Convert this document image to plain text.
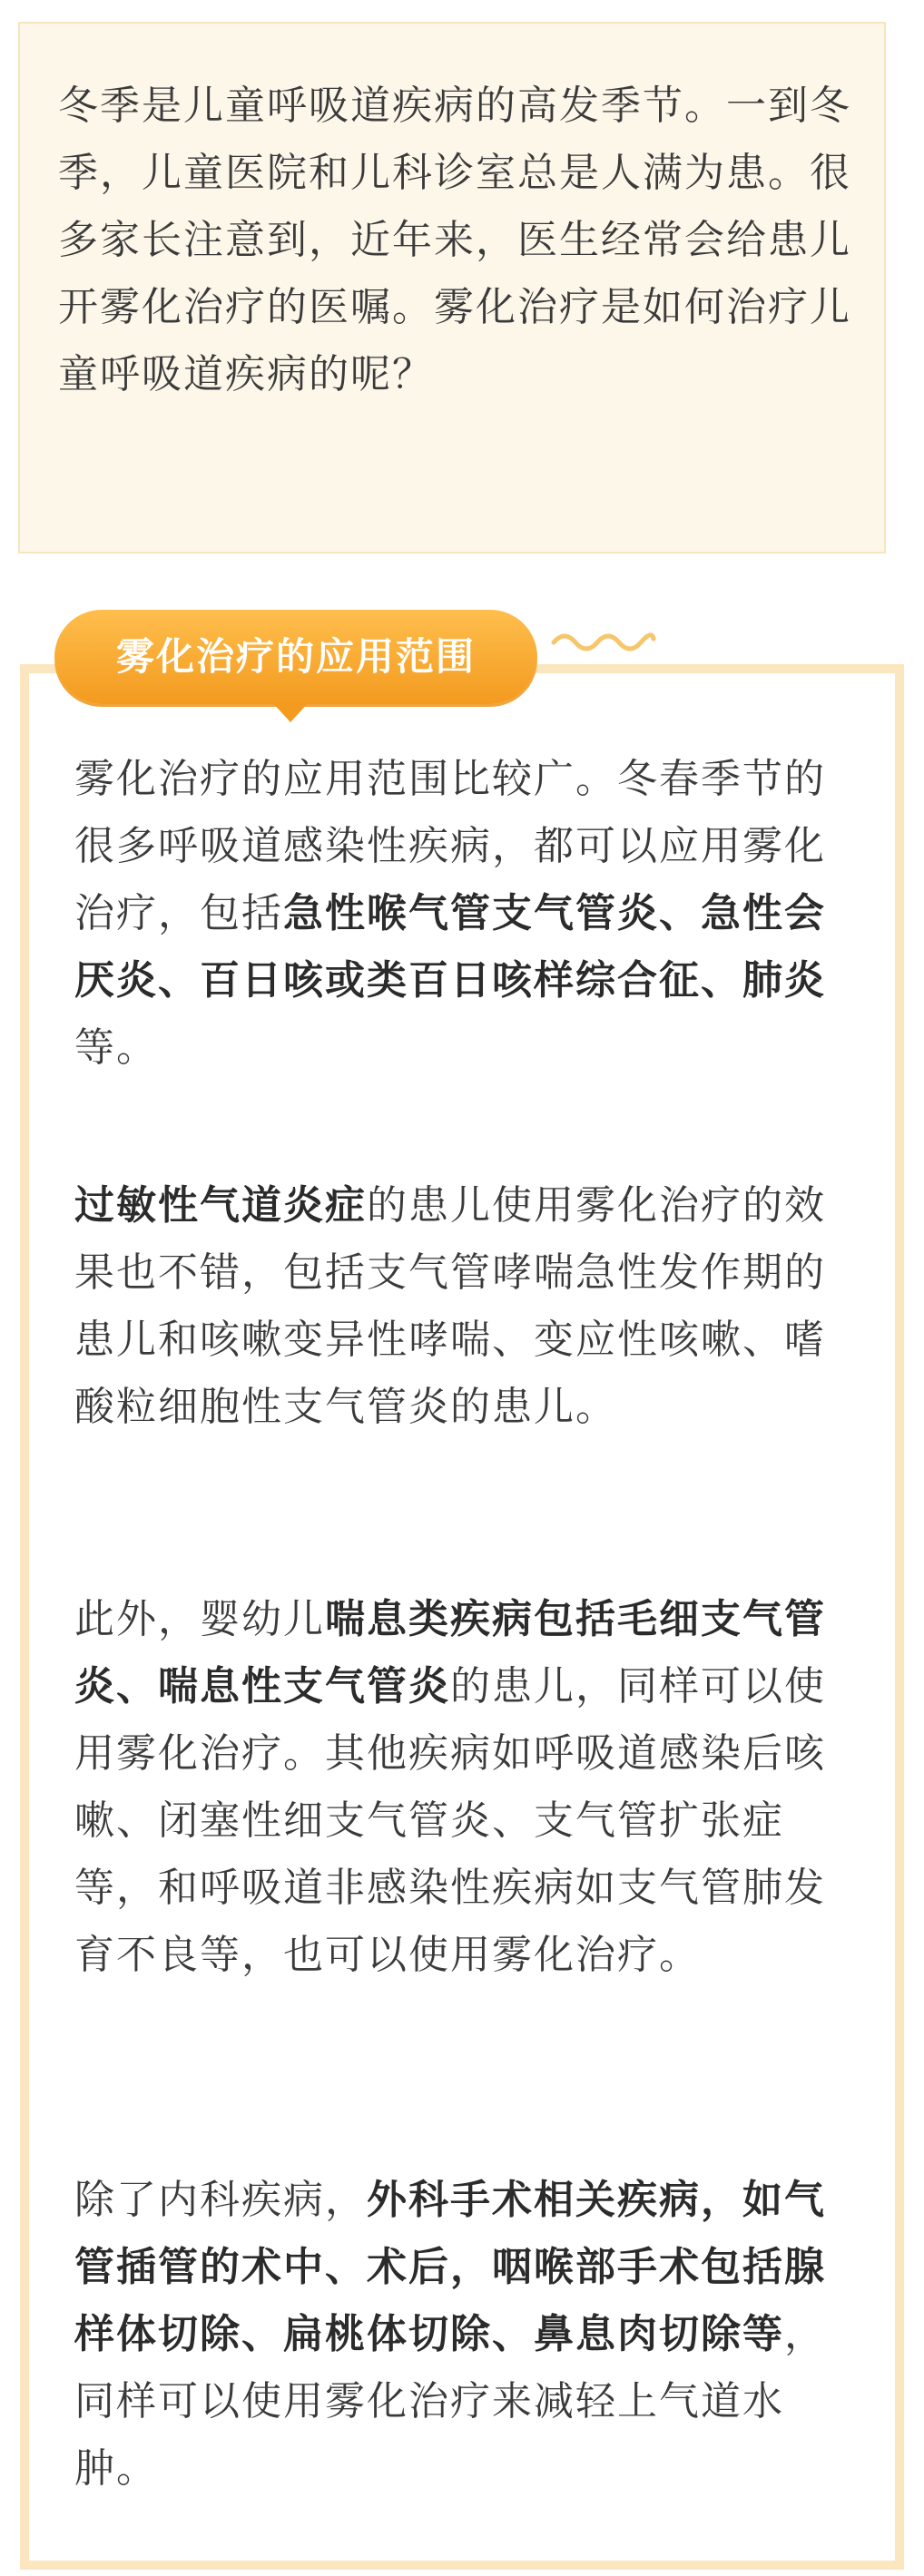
冬季是儿童呼吸道疾病的高发季节。一到冬季，儿童医院和儿科诊室总是人满为患。很多家长注意到，近年来，医生经常会给患儿开雾化治疗的医嘱。雾化治疗是如何治疗儿童呼吸道疾病的呢？

雾化治疗的应用范围

雾化治疗的应用范围比较广。冬春季节的很多呼吸道感染性疾病，都可以应用雾化治疗，包括急性喉气管支气管炎、急性会厌炎、百日咳或类百日咳样综合征、肺炎等。

过敏性气道炎症的患儿使用雾化治疗的效果也不错，包括支气管哮喘急性发作期的患儿和咳嗽变异性哮喘、变应性咳嗽、嗜酸粒细胞性支气管炎的患儿。

此外，婴幼儿喘息类疾病包括毛细支气管炎、喘息性支气管炎的患儿，同样可以使用雾化治疗。其他疾病如呼吸道感染后咳嗽、闭塞性细支气管炎、支气管扩张症等，和呼吸道非感染性疾病如支气管肺发育不良等，也可以使用雾化治疗。

除了内科疾病，外科手术相关疾病，如气管插管的术中、术后，咽喉部手术包括腺样体切除、扁桃体切除、鼻息肉切除等，同样可以使用雾化治疗来减轻上气道水肿。
